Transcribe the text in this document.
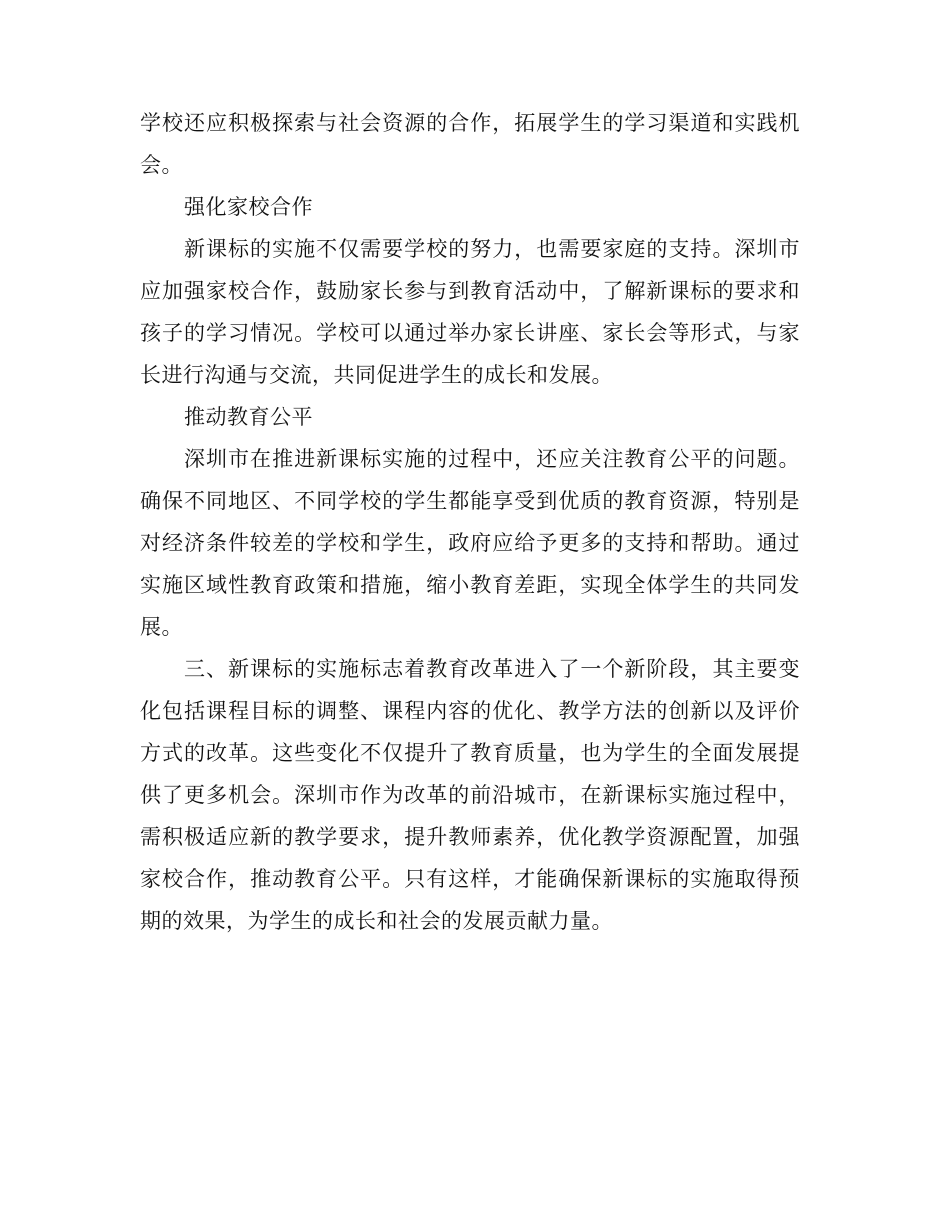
学校还应积极探索与社会资源的合作，拓展学生的学习渠道和实践机会。

强化家校合作

新课标的实施不仅需要学校的努力，也需要家庭的支持。深圳市应加强家校合作，鼓励家长参与到教育活动中，了解新课标的要求和孩子的学习情况。学校可以通过举办家长讲座、家长会等形式，与家长进行沟通与交流，共同促进学生的成长和发展。

推动教育公平

深圳市在推进新课标实施的过程中，还应关注教育公平的问题。确保不同地区、不同学校的学生都能享受到优质的教育资源，特别是对经济条件较差的学校和学生，政府应给予更多的支持和帮助。通过实施区域性教育政策和措施，缩小教育差距，实现全体学生的共同发展。

三、新课标的实施标志着教育改革进入了一个新阶段，其主要变化包括课程目标的调整、课程内容的优化、教学方法的创新以及评价方式的改革。这些变化不仅提升了教育质量，也为学生的全面发展提供了更多机会。深圳市作为改革的前沿城市，在新课标实施过程中，需积极适应新的教学要求，提升教师素养，优化教学资源配置，加强家校合作，推动教育公平。只有这样，才能确保新课标的实施取得预期的效果，为学生的成长和社会的发展贡献力量。
